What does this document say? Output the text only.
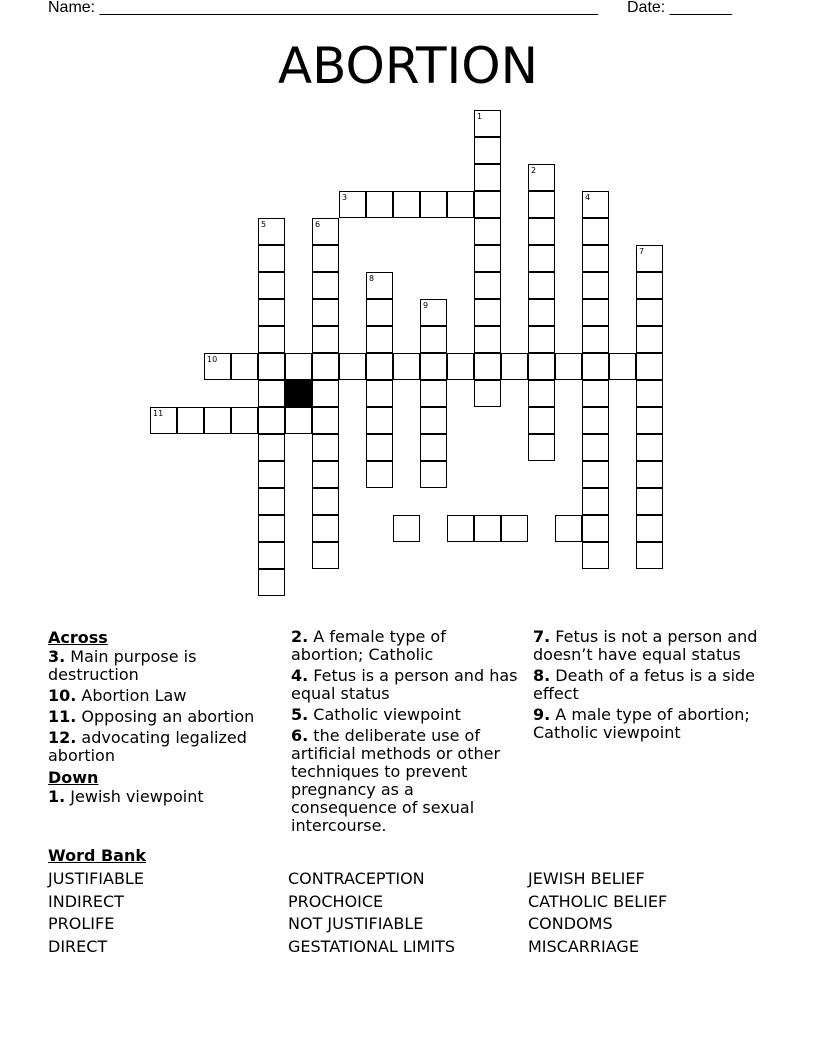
Name: ________________________________________________________ Date: _______
ABORTION
1
2
3	4
5	6
7
8
9
10
11
Across
3. Main purpose is destruction
10. Abortion Law
11. Opposing an abortion
12. advocating legalized abortion
Down
1. Jewish viewpoint
2. A female type of abortion; Catholic
4. Fetus is a person and has equal status
5. Catholic viewpoint
6. the deliberate use of artificial methods or other techniques to prevent pregnancy as a consequence of sexual intercourse.
7. Fetus is not a person and doesn’t have equal status
8. Death of a fetus is a side effect
9. A male type of abortion; Catholic viewpoint
Word Bank
JUSTIFIABLE
INDIRECT
PROLIFE
DIRECT
CONTRACEPTION
PROCHOICE
NOT JUSTIFIABLE
GESTATIONAL LIMITS
JEWISH BELIEF
CATHOLIC BELIEF
CONDOMS
MISCARRIAGE
